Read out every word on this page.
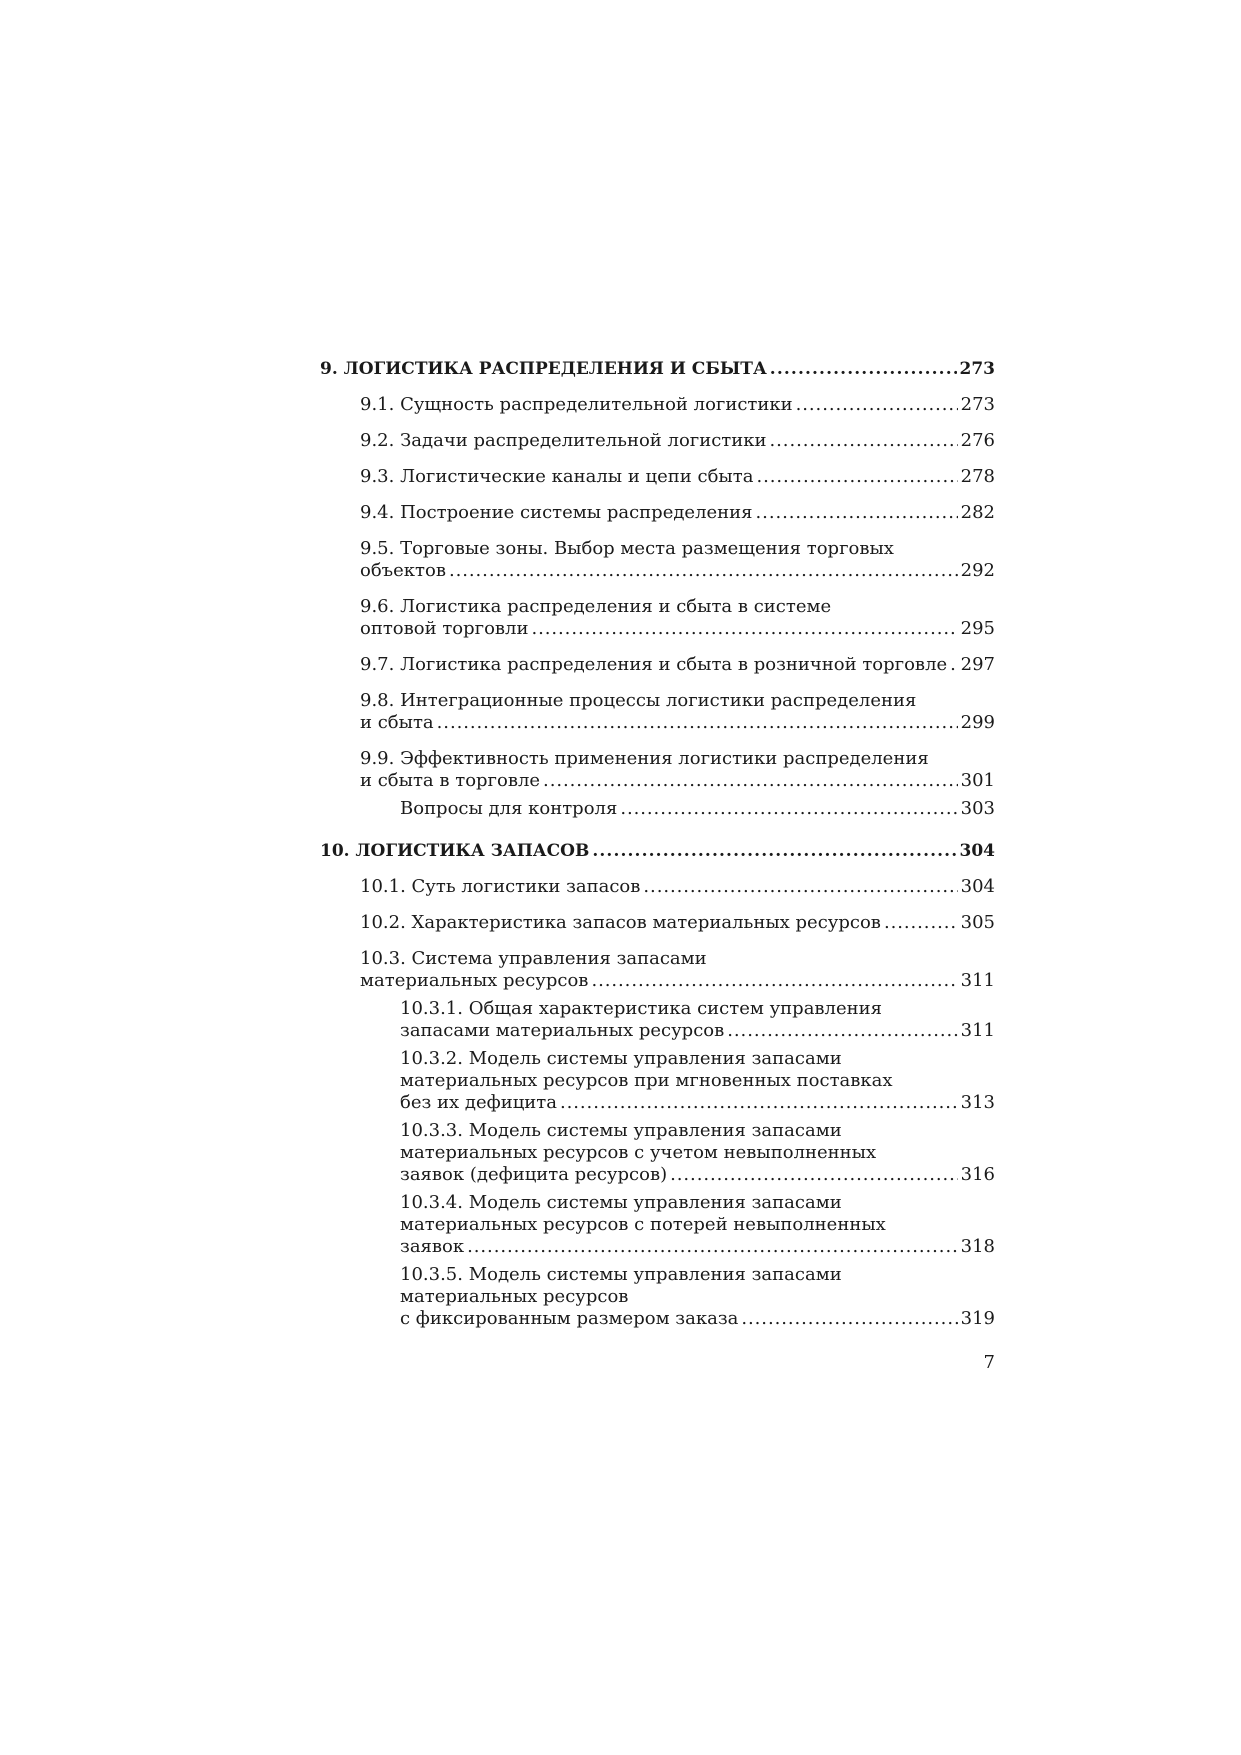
9. ЛОГИСТИКА РАСПРЕДЕЛЕНИЯ И СБЫТА . . .	273
9.1. Сущность распределительной логистики . . .	273
9.2. Задачи распределительной логистики . . .	276
9.3. Логистические каналы и цепи сбыта . . .	278
9.4. Построение системы распределения . . .	282
9.5. Торговые зоны. Выбор места размещения торговых
объектов . . .	292
9.6. Логистика распределения и сбыта в системе
оптовой торговли . . .	295
9.7. Логистика распределения и сбыта в розничной торговле . . . 297
9.8. Интеграционные процессы логистики распределения
и сбыта . . .	299
9.9. Эффективность применения логистики распределения
и сбыта в торговле . . .	301
Вопросы для контроля . . .	303
10. ЛОГИСТИКА ЗАПАСОВ . . .	304
10.1. Суть логистики запасов . . .	304
10.2. Характеристика запасов материальных ресурсов . . .	305
10.3. Система управления запасами
материальных ресурсов . . .	311
10.3.1. Общая характеристика систем управления
запасами материальных ресурсов . . .	311
10.3.2. Модель системы управления запасами
материальных ресурсов при мгновенных поставках
без их дефицита . . .	313
10.3.3. Модель системы управления запасами
материальных ресурсов с учетом невыполненных
заявок (дефицита ресурсов) . . .	316
10.3.4. Модель системы управления запасами
материальных ресурсов с потерей невыполненных
заявок . . .	318
10.3.5. Модель системы управления запасами
материальных ресурсов
с фиксированным размером заказа . . .	319
7
